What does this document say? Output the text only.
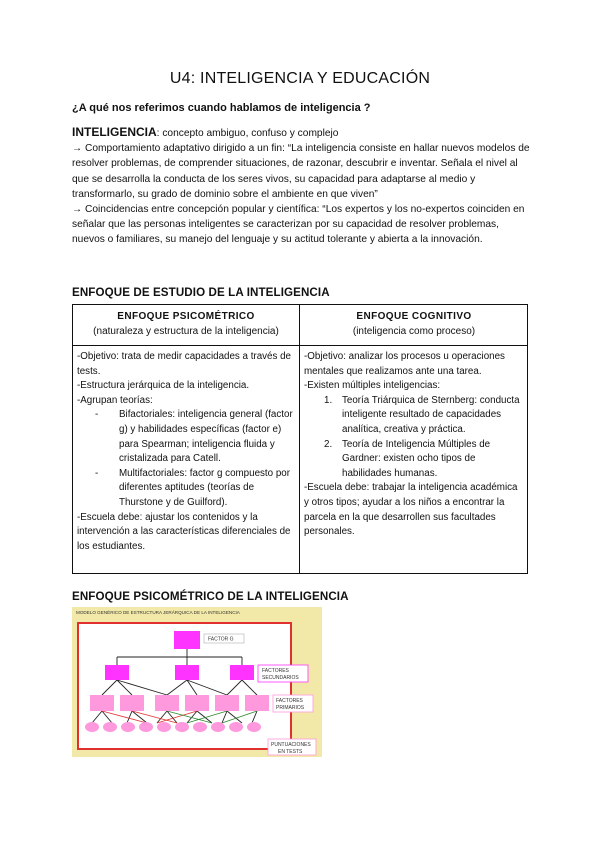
U4: INTELIGENCIA Y EDUCACIÓN

¿A qué nos referimos cuando hablamos de inteligencia ?

INTELIGENCIA: concepto ambiguo, confuso y complejo

→ Comportamiento adaptativo dirigido a un fin: “La inteligencia consiste en hallar nuevos modelos de resolver problemas, de comprender situaciones, de razonar, descubrir e inventar. Señala el nivel al que se desarrolla la conducta de los seres vivos, su capacidad para adaptarse al medio y transformarlo, su grado de dominio sobre el ambiente en que viven”

→ Coincidencias entre concepción popular y científica: “Los expertos y los no-expertos coinciden en señalar que las personas inteligentes se caracterizan por su capacidad de resolver problemas, nuevos o familiares, su manejo del lenguaje y su actitud tolerante y abierta a la innovación.

ENFOQUE DE ESTUDIO DE LA INTELIGENCIA
ENFOQUE PSICOMÉTRICO
(naturaleza y estructura de la inteligencia)
ENFOQUE COGNITIVO
(inteligencia como proceso)

-Objetivo: trata de medir capacidades a través de tests.

-Estructura jerárquica de la inteligencia.

-Agrupan teorías:

- Bifactoriales: inteligencia general (factor g) y habilidades específicas (factor e) para Spearman; inteligencia fluida y cristalizada para Catell.
- Multifactoriales: factor g compuesto por diferentes aptitudes (teorías de Thurstone y de Guilford).

-Escuela debe: ajustar los contenidos y la intervención a las características diferenciales de los estudiantes.

-Objetivo: analizar los procesos u operaciones mentales que realizamos ante una tarea.

-Existen múltiples inteligencias:

1. Teoría Triárquica de Sternberg: conducta inteligente resultado de capacidades analítica, creativa y práctica.
2. Teoría de Inteligencia Múltiples de Gardner: existen ocho tipos de habilidades humanas.

-Escuela debe: trabajar la inteligencia académica y otros tipos; ayudar a los niños a encontrar la parcela en la que desarrollen sus facultades personales.

ENFOQUE PSICOMÉTRICO DE LA INTELIGENCIA
MODELO GENÉRICO DE ESTRUCTURA JERÁRQUICA DE LA INTELIGENCIA
FACTOR G
FACTORES
SECUNDARIOS
FACTORES
PRIMARIOS
PUNTUACIONES
EN TESTS
